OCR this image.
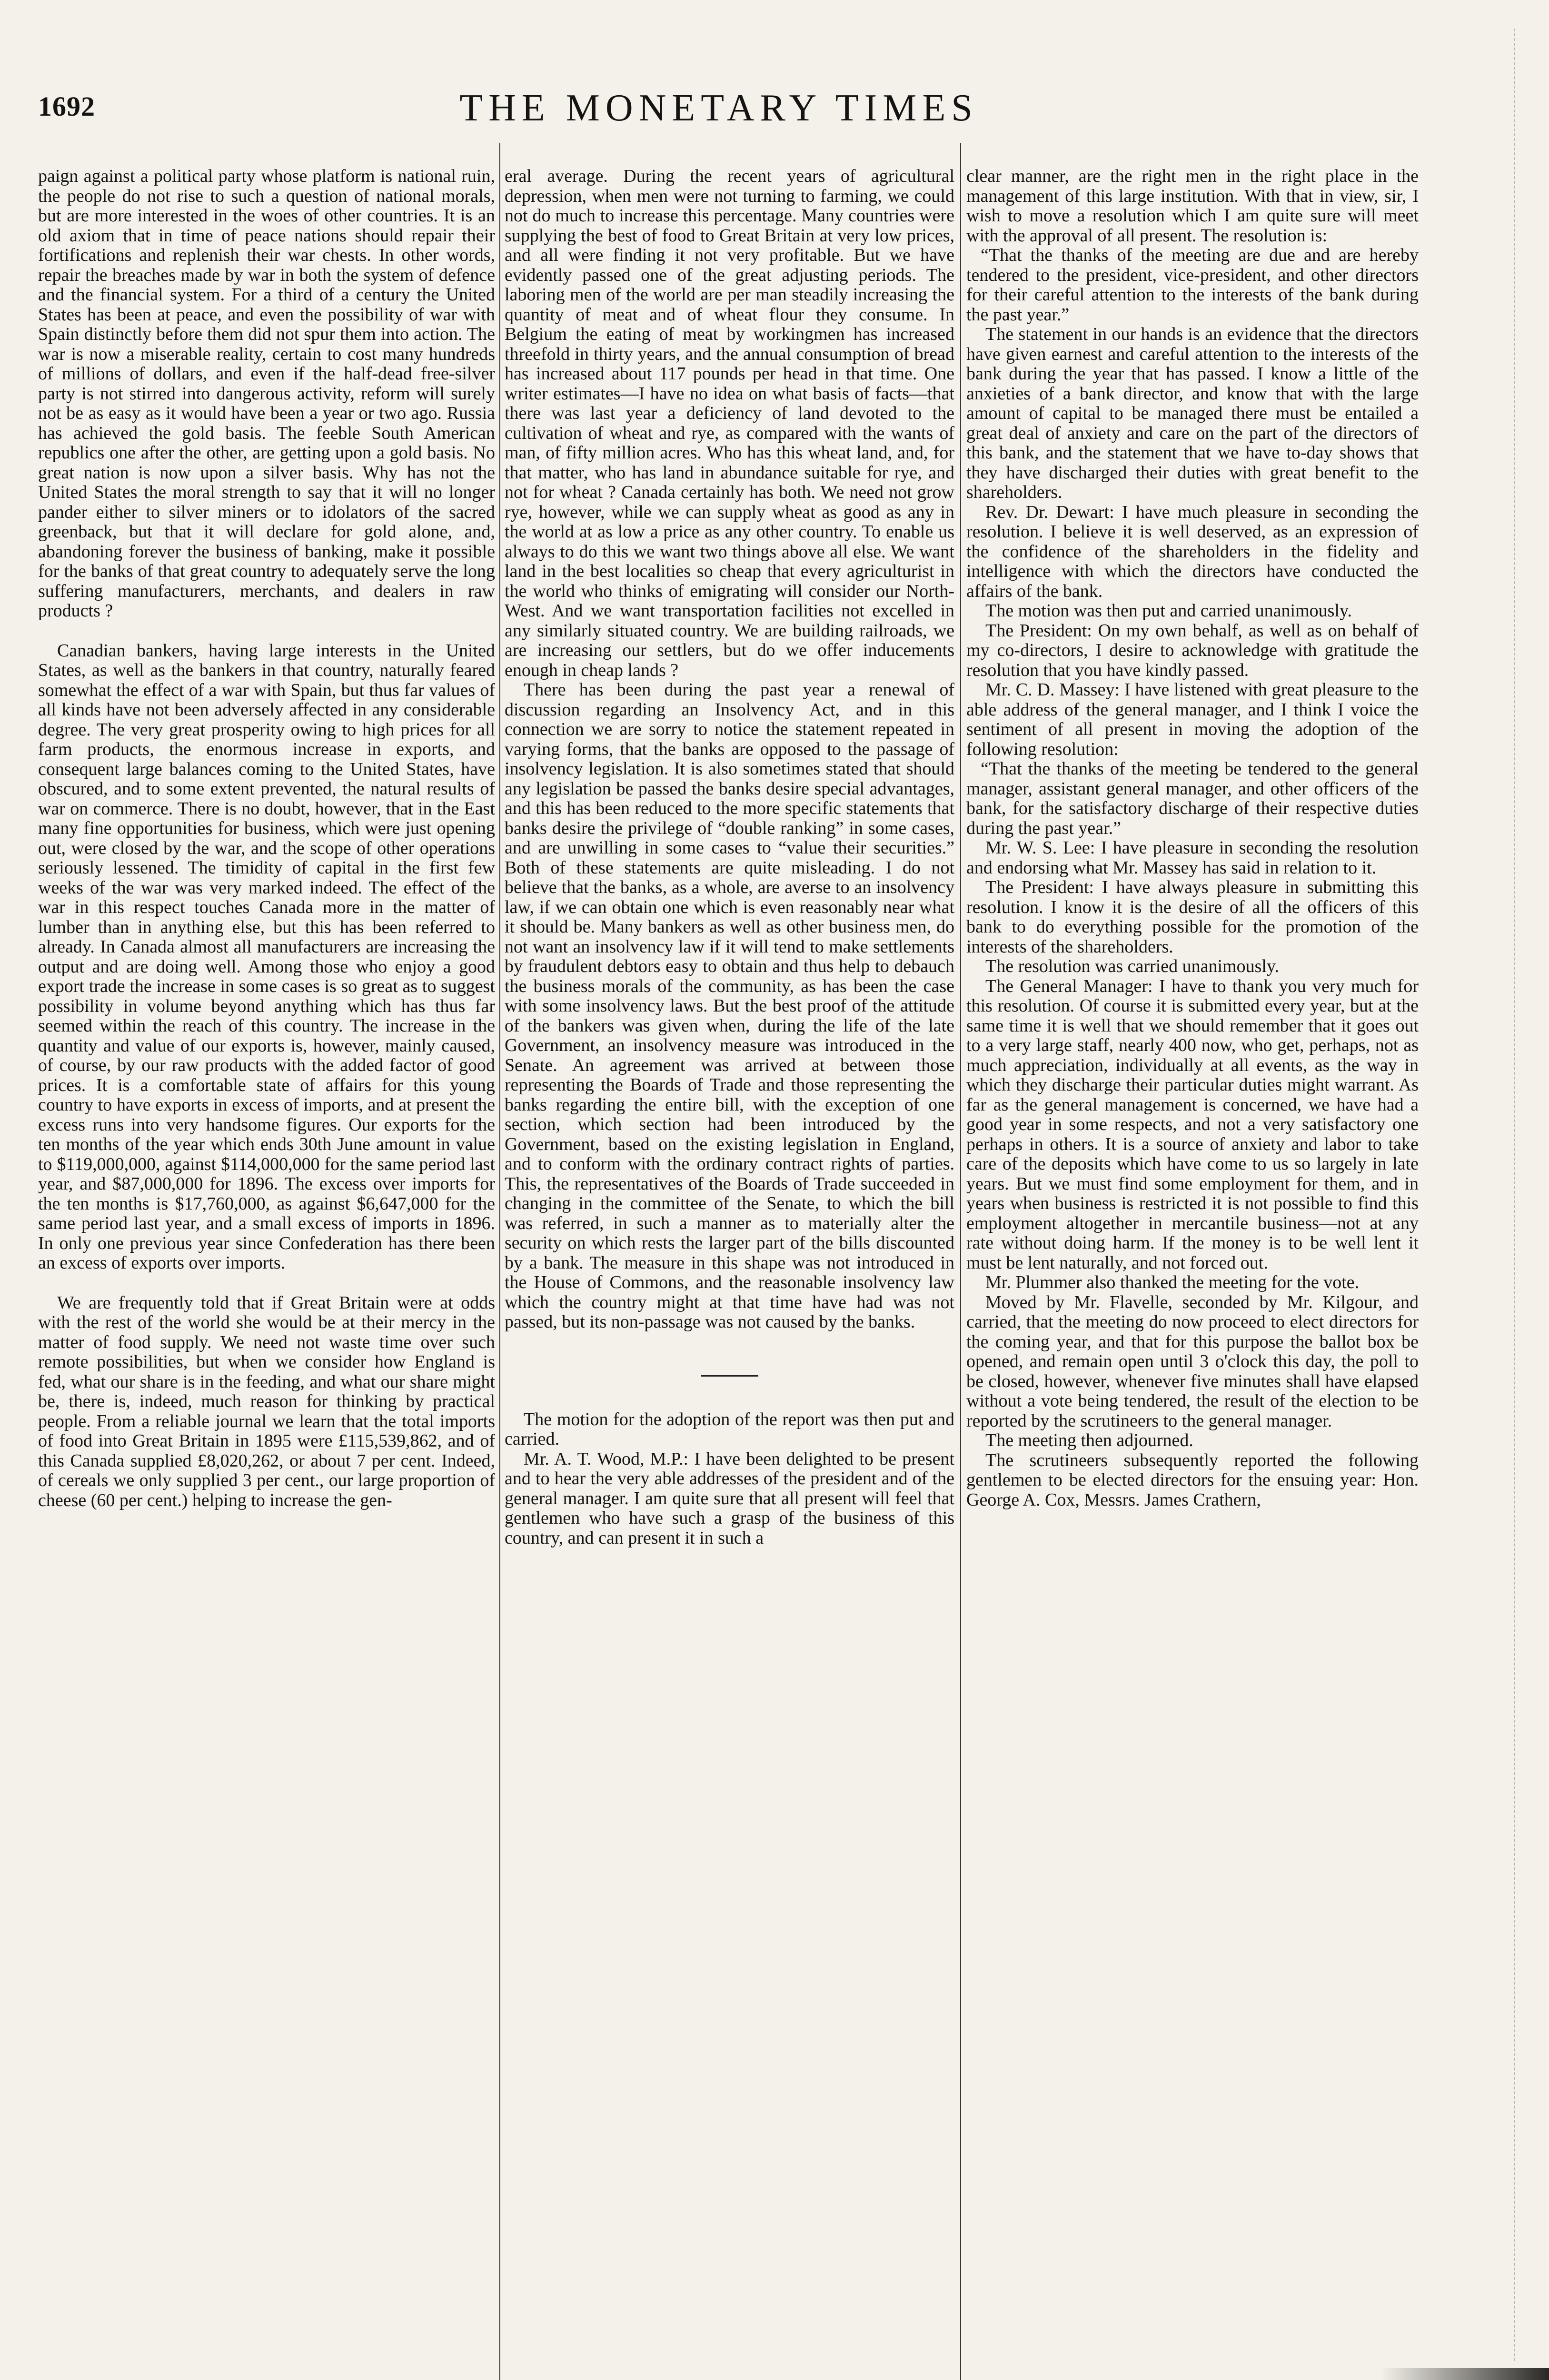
1692	THE MONETARY TIMES

paign against a political party whose platform is national ruin, the people do not rise to such a question of national morals, but are more interested in the woes of other countries. It is an old axiom that in time of peace nations should repair their fortifications and replenish their war chests. In other words, repair the breaches made by war in both the system of defence and the financial system. For a third of a century the United States has been at peace, and even the possibility of war with Spain distinctly before them did not spur them into action. The war is now a miserable reality, certain to cost many hundreds of millions of dollars, and even if the half-dead free-silver party is not stirred into dangerous activity, reform will surely not be as easy as it would have been a year or two ago. Russia has achieved the gold basis. The feeble South American republics one after the other, are getting upon a gold basis. No great nation is now upon a silver basis. Why has not the United States the moral strength to say that it will no longer pander either to silver miners or to idolators of the sacred greenback, but that it will declare for gold alone, and, abandoning forever the business of banking, make it possible for the banks of that great country to adequately serve the long suffering manufacturers, merchants, and dealers in raw products ?

Canadian bankers, having large interests in the United States, as well as the bankers in that country, naturally feared somewhat the effect of a war with Spain, but thus far values of all kinds have not been adversely affected in any considerable degree. The very great prosperity owing to high prices for all farm products, the enormous increase in exports, and consequent large balances coming to the United States, have obscured, and to some extent prevented, the natural results of war on commerce. There is no doubt, however, that in the East many fine opportunities for business, which were just opening out, were closed by the war, and the scope of other operations seriously lessened. The timidity of capital in the first few weeks of the war was very marked indeed. The effect of the war in this respect touches Canada more in the matter of lumber than in anything else, but this has been referred to already. In Canada almost all manufacturers are increasing the output and are doing well. Among those who enjoy a good export trade the increase in some cases is so great as to suggest possibility in volume beyond anything which has thus far seemed within the reach of this country. The increase in the quantity and value of our exports is, however, mainly caused, of course, by our raw products with the added factor of good prices. It is a comfortable state of affairs for this young country to have exports in excess of imports, and at present the excess runs into very handsome figures. Our exports for the ten months of the year which ends 30th June amount in value to $119,000,000, against $114,000,000 for the same period last year, and $87,000,000 for 1896. The excess over imports for the ten months is $17,760,000, as against $6,647,000 for the same period last year, and a small excess of imports in 1896. In only one previous year since Confederation has there been an excess of exports over imports.

We are frequently told that if Great Britain were at odds with the rest of the world she would be at their mercy in the matter of food supply. We need not waste time over such remote possibilities, but when we consider how England is fed, what our share is in the feeding, and what our share might be, there is, indeed, much reason for thinking by practical people. From a reliable journal we learn that the total imports of food into Great Britain in 1895 were £115,539,862, and of this Canada supplied £8,020,262, or about 7 per cent. Indeed, of cereals we only supplied 3 per cent., our large proportion of cheese (60 per cent.) helping to increase the gen-

eral average. During the recent years of agricultural depression, when men were not turning to farming, we could not do much to increase this percentage. Many countries were supplying the best of food to Great Britain at very low prices, and all were finding it not very profitable. But we have evidently passed one of the great adjusting periods. The laboring men of the world are per man steadily increasing the quantity of meat and of wheat flour they consume. In Belgium the eating of meat by workingmen has increased threefold in thirty years, and the annual consumption of bread has increased about 117 pounds per head in that time. One writer estimates—I have no idea on what basis of facts—that there was last year a deficiency of land devoted to the cultivation of wheat and rye, as compared with the wants of man, of fifty million acres. Who has this wheat land, and, for that matter, who has land in abundance suitable for rye, and not for wheat ? Canada certainly has both. We need not grow rye, however, while we can supply wheat as good as any in the world at as low a price as any other country. To enable us always to do this we want two things above all else. We want land in the best localities so cheap that every agriculturist in the world who thinks of emigrating will consider our North-West. And we want transportation facilities not excelled in any similarly situated country. We are building railroads, we are increasing our settlers, but do we offer inducements enough in cheap lands ?

There has been during the past year a renewal of discussion regarding an Insolvency Act, and in this connection we are sorry to notice the statement repeated in varying forms, that the banks are opposed to the passage of insolvency legislation. It is also sometimes stated that should any legislation be passed the banks desire special advantages, and this has been reduced to the more specific statements that banks desire the privilege of “double ranking” in some cases, and are unwilling in some cases to “value their securities.” Both of these statements are quite misleading. I do not believe that the banks, as a whole, are averse to an insolvency law, if we can obtain one which is even reasonably near what it should be. Many bankers as well as other business men, do not want an insolvency law if it will tend to make settlements by fraudulent debtors easy to obtain and thus help to debauch the business morals of the community, as has been the case with some insolvency laws. But the best proof of the attitude of the bankers was given when, during the life of the late Government, an insolvency measure was introduced in the Senate. An agreement was arrived at between those representing the Boards of Trade and those representing the banks regarding the entire bill, with the exception of one section, which section had been introduced by the Government, based on the existing legislation in England, and to conform with the ordinary contract rights of parties. This, the representatives of the Boards of Trade succeeded in changing in the committee of the Senate, to which the bill was referred, in such a manner as to materially alter the security on which rests the larger part of the bills discounted by a bank. The measure in this shape was not introduced in the House of Commons, and the reasonable insolvency law which the country might at that time have had was not passed, but its non-passage was not caused by the banks.

The motion for the adoption of the report was then put and carried.

Mr. A. T. Wood, M.P.: I have been delighted to be present and to hear the very able addresses of the president and of the general manager. I am quite sure that all present will feel that gentlemen who have such a grasp of the business of this country, and can present it in such a

clear manner, are the right men in the right place in the management of this large institution. With that in view, sir, I wish to move a resolution which I am quite sure will meet with the approval of all present. The resolution is:

“That the thanks of the meeting are due and are hereby tendered to the president, vice-president, and other directors for their careful attention to the interests of the bank during the past year.”

The statement in our hands is an evidence that the directors have given earnest and careful attention to the interests of the bank during the year that has passed. I know a little of the anxieties of a bank director, and know that with the large amount of capital to be managed there must be entailed a great deal of anxiety and care on the part of the directors of this bank, and the statement that we have to-day shows that they have discharged their duties with great benefit to the shareholders.

Rev. Dr. Dewart: I have much pleasure in seconding the resolution. I believe it is well deserved, as an expression of the confidence of the shareholders in the fidelity and intelligence with which the directors have conducted the affairs of the bank.

The motion was then put and carried unanimously.

The President: On my own behalf, as well as on behalf of my co-directors, I desire to acknowledge with gratitude the resolution that you have kindly passed.

Mr. C. D. Massey: I have listened with great pleasure to the able address of the general manager, and I think I voice the sentiment of all present in moving the adoption of the following resolution:

“That the thanks of the meeting be tendered to the general manager, assistant general manager, and other officers of the bank, for the satisfactory discharge of their respective duties during the past year.”

Mr. W. S. Lee: I have pleasure in seconding the resolution and endorsing what Mr. Massey has said in relation to it.

The President: I have always pleasure in submitting this resolution. I know it is the desire of all the officers of this bank to do everything possible for the promotion of the interests of the shareholders.

The resolution was carried unanimously.

The General Manager: I have to thank you very much for this resolution. Of course it is submitted every year, but at the same time it is well that we should remember that it goes out to a very large staff, nearly 400 now, who get, perhaps, not as much appreciation, individually at all events, as the way in which they discharge their particular duties might warrant. As far as the general management is concerned, we have had a good year in some respects, and not a very satisfactory one perhaps in others. It is a source of anxiety and labor to take care of the deposits which have come to us so largely in late years. But we must find some employment for them, and in years when business is restricted it is not possible to find this employment altogether in mercantile business—not at any rate without doing harm. If the money is to be well lent it must be lent naturally, and not forced out.

Mr. Plummer also thanked the meeting for the vote.

Moved by Mr. Flavelle, seconded by Mr. Kilgour, and carried, that the meeting do now proceed to elect directors for the coming year, and that for this purpose the ballot box be opened, and remain open until 3 o'clock this day, the poll to be closed, however, whenever five minutes shall have elapsed without a vote being tendered, the result of the election to be reported by the scrutineers to the general manager.

The meeting then adjourned.

The scrutineers subsequently reported the following gentlemen to be elected directors for the ensuing year: Hon. George A. Cox, Messrs. James Crathern,
